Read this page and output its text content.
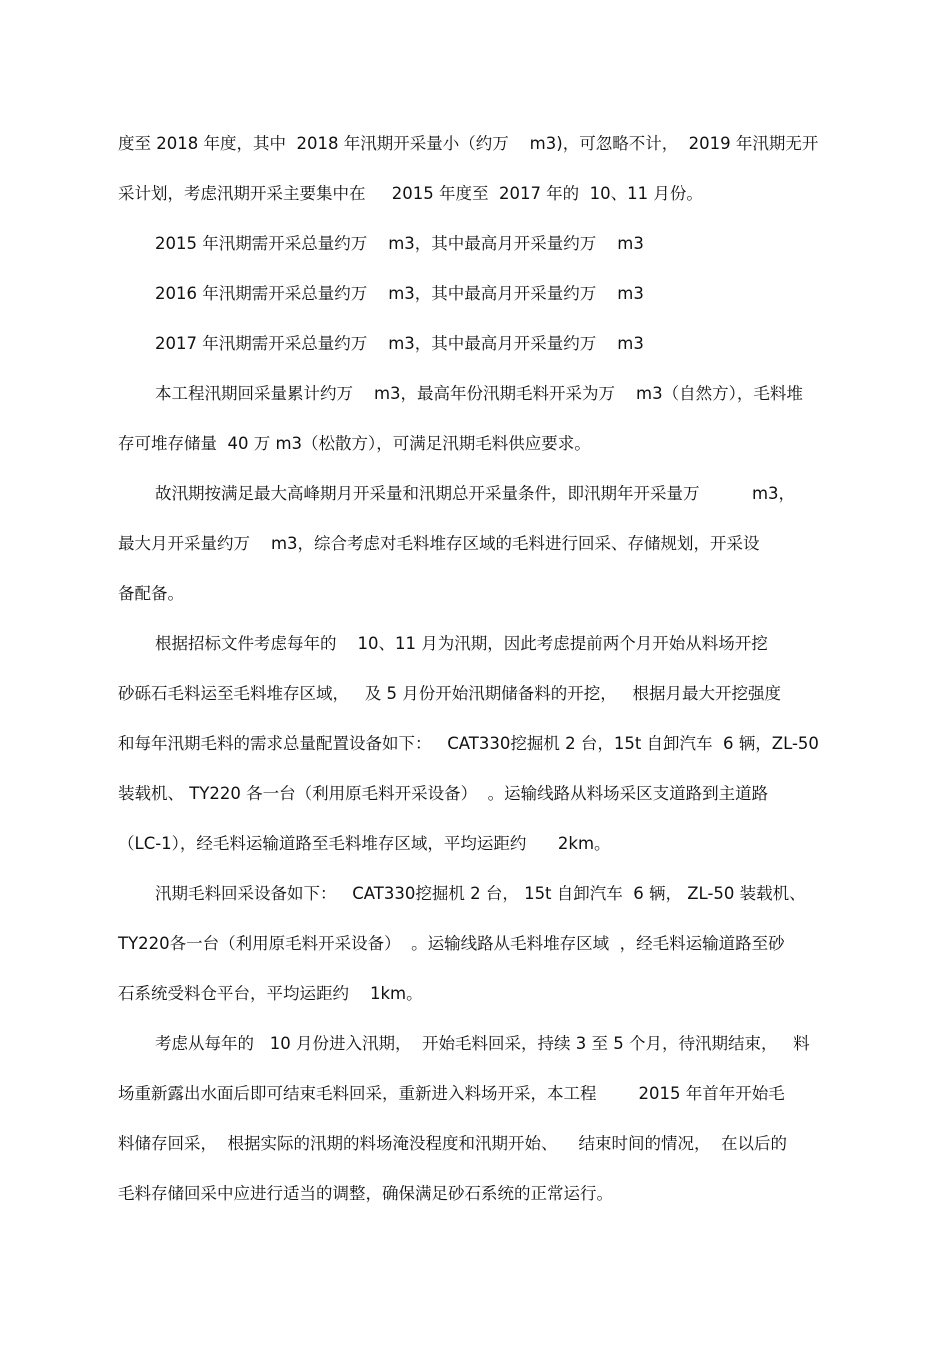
度至 2018 年度，其中  2018 年汛期开采量小（约万    m3)，可忽略不计，  2019 年汛期无开
采计划，考虑汛期开采主要集中在     2015 年度至  2017 年的  10、11 月份。
2015 年汛期需开采总量约万    m3，其中最高月开采量约万    m3
2016 年汛期需开采总量约万    m3，其中最高月开采量约万    m3
2017 年汛期需开采总量约万    m3，其中最高月开采量约万    m3
本工程汛期回采量累计约万    m3，最高年份汛期毛料开采为万    m3（自然方），毛料堆
存可堆存储量  40 万 m3（松散方），可满足汛期毛料供应要求。
故汛期按满足最大高峰期月开采量和汛期总开采量条件，即汛期年开采量万          m3，
最大月开采量约万    m3，综合考虑对毛料堆存区域的毛料进行回采、存储规划，开采设
备配备。
根据招标文件考虑每年的    10、11 月为汛期，因此考虑提前两个月开始从料场开挖
砂砾石毛料运至毛料堆存区域，   及 5 月份开始汛期储备料的开挖，   根据月最大开挖强度
和每年汛期毛料的需求总量配置设备如下：   CAT330挖掘机 2 台，15t 自卸汽车  6 辆，ZL-50
装载机、 TY220 各一台（利用原毛料开采设备）  。运输线路从料场采区支道路到主道路
（LC-1），经毛料运输道路至毛料堆存区域，平均运距约      2km。
汛期毛料回采设备如下：   CAT330挖掘机 2 台， 15t 自卸汽车  6 辆， ZL-50 装载机、
TY220各一台（利用原毛料开采设备）  。运输线路从毛料堆存区域  ，经毛料运输道路至砂
石系统受料仓平台，平均运距约    1km。
考虑从每年的   10 月份进入汛期，  开始毛料回采，持续 3 至 5 个月，待汛期结束，   料
场重新露出水面后即可结束毛料回采，重新进入料场开采，本工程        2015 年首年开始毛
料储存回采，  根据实际的汛期的料场淹没程度和汛期开始、    结束时间的情况，  在以后的
毛料存储回采中应进行适当的调整，确保满足砂石系统的正常运行。
